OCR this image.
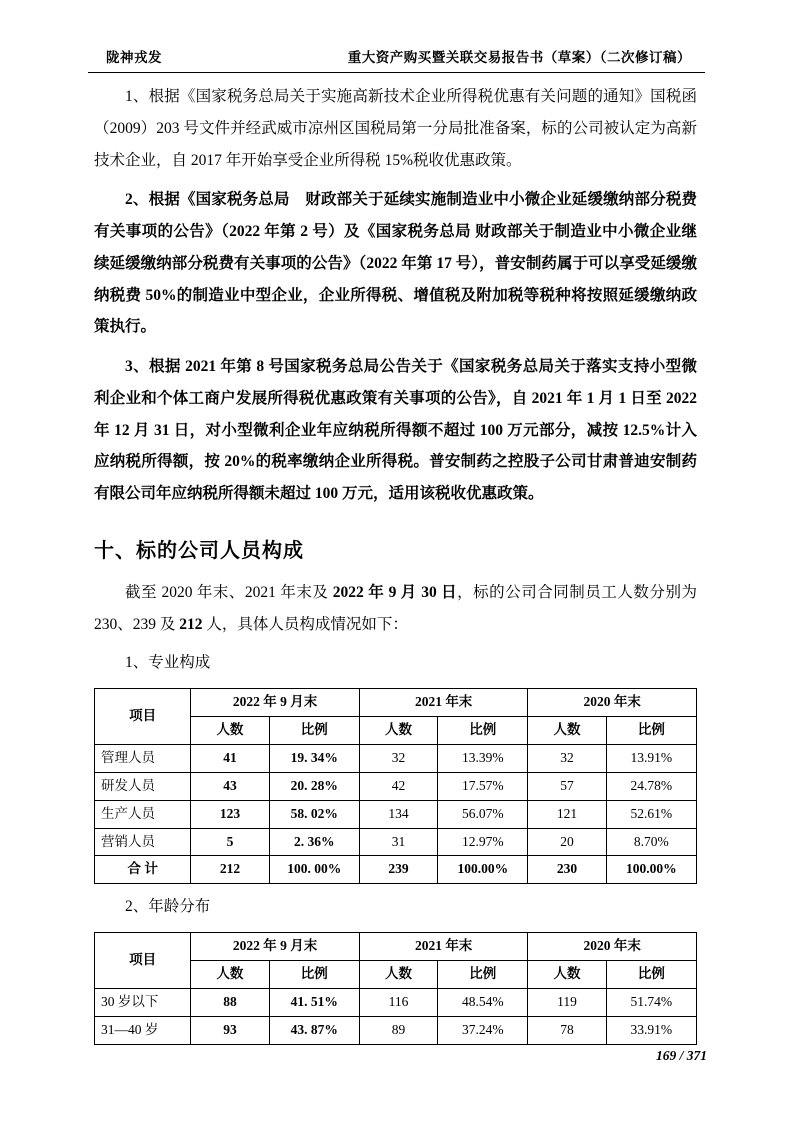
陇神戎发	重大资产购买暨关联交易报告书（草案）（二次修订稿）

1、根据《国家税务总局关于实施高新技术企业所得税优惠有关问题的通知》国税函（2009）203 号文件并经武威市凉州区国税局第一分局批准备案，标的公司被认定为高新技术企业，自 2017 年开始享受企业所得税 15%税收优惠政策。

2、根据《国家税务总局　财政部关于延续实施制造业中小微企业延缓缴纳部分税费有关事项的公告》（2022 年第 2 号）及《国家税务总局 财政部关于制造业中小微企业继续延缓缴纳部分税费有关事项的公告》（2022 年第 17 号），普安制药属于可以享受延缓缴纳税费 50%的制造业中型企业，企业所得税、增值税及附加税等税种将按照延缓缴纳政策执行。

3、根据 2021 年第 8 号国家税务总局公告关于《国家税务总局关于落实支持小型微利企业和个体工商户发展所得税优惠政策有关事项的公告》，自 2021 年 1 月 1 日至 2022 年 12 月 31 日，对小型微利企业年应纳税所得额不超过 100 万元部分，减按 12.5%计入应纳税所得额，按 20%的税率缴纳企业所得税。普安制药之控股子公司甘肃普迪安制药有限公司年应纳税所得额未超过 100 万元，适用该税收优惠政策。

十、标的公司人员构成

截至 2020 年末、2021 年末及 2022 年 9 月 30 日，标的公司合同制员工人数分别为 230、239 及 212 人，具体人员构成情况如下：

1、专业构成

项目	2022 年 9 月末		2021 年末		2020 年末	
	人数	比例	人数	比例	人数	比例
管理人员	41	19. 34%	32	13.39%	32	13.91%
研发人员	43	20. 28%	42	17.57%	57	24.78%
生产人员	123	58. 02%	134	56.07%	121	52.61%
营销人员	5	2. 36%	31	12.97%	20	8.70%
合 计	212	100. 00%	239	100.00%	230	100.00%

2、年龄分布

项目	2022 年 9 月末		2021 年末		2020 年末	
	人数	比例	人数	比例	人数	比例
30 岁以下	88	41. 51%	116	48.54%	119	51.74%
31—40 岁	93	43. 87%	89	37.24%	78	33.91%
169 / 371
